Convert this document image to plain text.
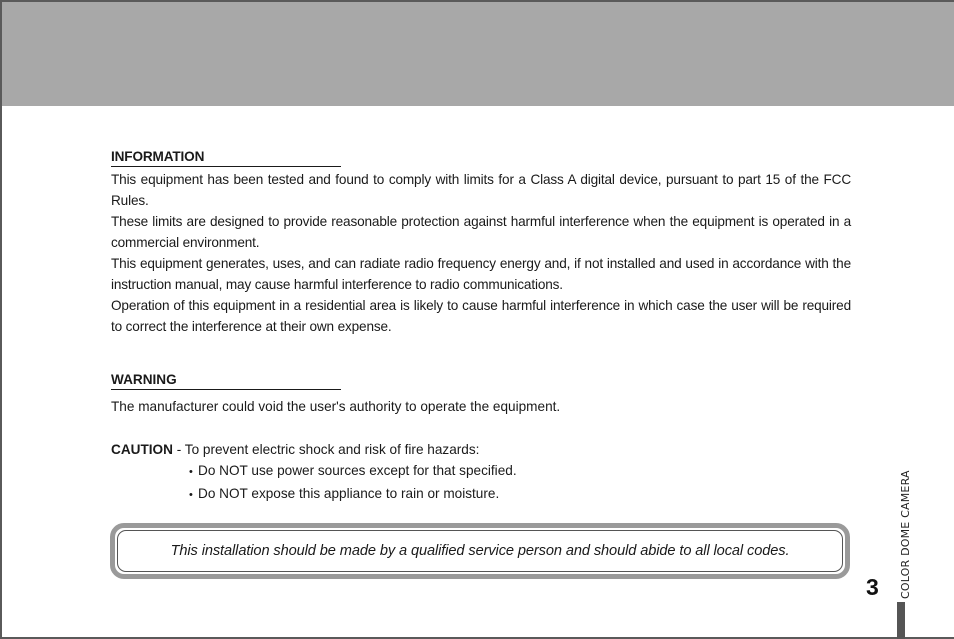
INFORMATION

This equipment has been tested and found to comply with limits for a Class A digital device, pursuant to part 15 of the FCC Rules.

These limits are designed to provide reasonable protection against harmful interference when the equipment is operated in a commercial environment.

This equipment generates, uses, and can radiate radio frequency energy and, if not installed and used in accordance with the instruction manual, may cause harmful interference to radio communications.

Operation of this equipment in a residential area is likely to cause harmful interference in which case the user will be required to correct the interference at their own expense.

WARNING
The manufacturer could void the user's authority to operate the equipment.
CAUTION - To prevent electric shock and risk of fire hazards:
• Do NOT use power sources except for that specified.
• Do NOT expose this appliance to rain or moisture.
This installation should be made by a qualified service person and should abide to all local codes.
3 COLOR DOME CAMERA
